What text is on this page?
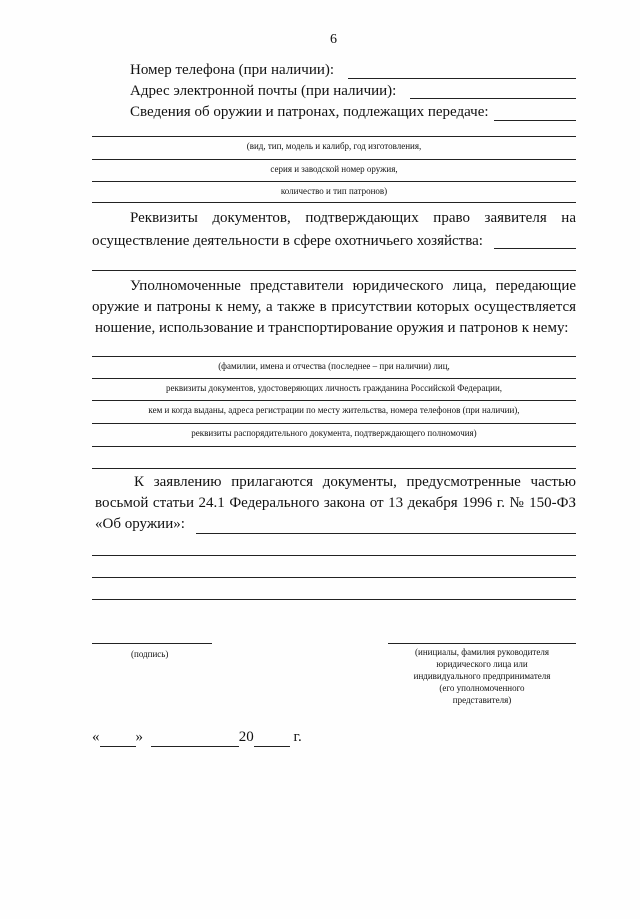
6
Номер телефона (при наличии):
Адрес электронной почты (при наличии):
Сведения об оружии и патронах, подлежащих передаче:
(вид, тип, модель и калибр, год изготовления,
серия и заводской номер оружия,
количество и тип патронов)
Реквизиты документов, подтверждающих право заявителя на
осуществление деятельности в сфере охотничьего хозяйства:
Уполномоченные представители юридического лица, передающие
оружие и патроны к нему, а также в присутствии которых осуществляется
ношение, использование и транспортирование оружия и патронов к нему:
(фамилии, имена и отчества (последнее – при наличии) лиц,
реквизиты документов, удостоверяющих личность гражданина Российской Федерации,
кем и когда выданы, адреса регистрации по месту жительства, номера телефонов (при наличии),
реквизиты распорядительного документа, подтверждающего полномочия)
К заявлению прилагаются документы, предусмотренные частью
восьмой статьи 24.1 Федерального закона от 13 декабря 1996 г. № 150-ФЗ
«Об оружии»:
(подпись)	(инициалы, фамилия руководителя
юридического лица или
индивидуального предпринимателя
(его уполномоченного
представителя)
« »	20	г.
